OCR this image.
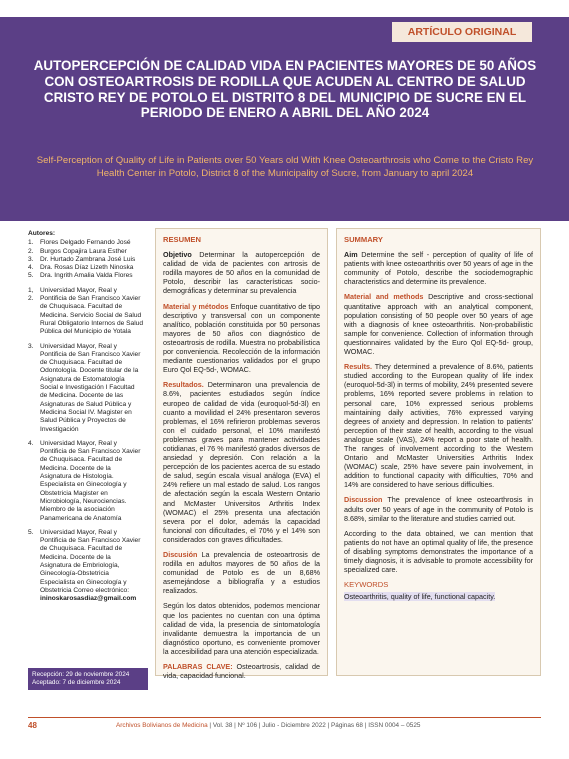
ARTÍCULO ORIGINAL
AUTOPERCEPCIÓN DE CALIDAD VIDA EN PACIENTES MAYORES DE 50 AÑOS CON OSTEOARTROSIS DE RODILLA QUE ACUDEN AL CENTRO DE SALUD CRISTO REY DE POTOLO EL DISTRITO 8 DEL MUNICIPIO DE SUCRE EN EL PERIODO DE ENERO A ABRIL DEL AÑO 2024
Self-Perception of Quality of Life in Patients over 50 Years old With Knee Osteoarthrosis who Come to the Cristo Rey Health Center in Potolo, District 8 of the Municipality of Sucre, from January to april 2024
Autores:
1. Flores Delgado Fernando José
2. Burgos Copajira Laura Esther
3. Dr. Hurtado Zambrana José Luis
4. Dra. Rosas Díaz Lizeth Ninoska
5. Dra. Ingrith Amalia Valda Flores
1, 2.
Universidad Mayor, Real y Pontificia de San Francisco Xavier de Chuquisaca. Facultad de Medicina. Servicio Social de Salud Rural Obligatorio Internos de Salud Pública del Municipio de Yotala
3. Universidad Mayor, Real y Pontificia de San Francisco Xavier de Chuquisaca. Facultad de Odontología. Docente titular de la Asignatura de Estomatología Social e Investigación I Facultad de Medicina. Docente de las Asignaturas de Salud Pública y Medicina Social IV. Magister en Salud Pública y Proyectos de Investigación
4. Universidad Mayor, Real y Pontificia de San Francisco Xavier de Chuquisaca. Facultad de Medicina. Docente de la Asignatura de Histología. Especialista en Ginecología y Obstetricia Magister en Microbiología, Neurociencias. Miembro de la asociación Panamericana de Anatomía
5. Universidad Mayor, Real y Pontificia de San Francisco Xavier de Chuquisaca. Facultad de Medicina. Docente de la Asignatura de Embriología, Ginecología-Obstetricia Especialista en Ginecología y Obstetricia Correo electrónico:
ininoskarosasdiaz@gmail.com
Recepción: 29 de noviembre 2024
Aceptado: 7 de diciembre 2024
RESUMEN
Objetivo Determinar la autopercepción de calidad de vida de pacientes con artrosis de rodilla mayores de 50 años en la comunidad de Potolo, describir las características socio-demográficas y determinar su prevalencia
Material y métodos Enfoque cuantitativo de tipo descriptivo y transversal con un componente analítico, población constituida por 50 personas mayores de 50 años con diagnóstico de osteoartrosis de rodilla. Muestra no probabilística por conveniencia. Recolección de la información mediante cuestionarios validados por el grupo Euro Qol EQ-5d-, WOMAC.
Resultados. Determinaron una prevalencia de 8.6%, pacientes estudiados según índice europeo de calidad de vida (euroquol-5d-3l) en cuanto a movilidad el 24% presentaron severos problemas, el 16% refirieron problemas severos con el cuidado personal, el 10% manifestó problemas graves para mantener actividades cotidianas, el 76 % manifestó grados diversos de ansiedad y depresión. Con relación a la percepción de los pacientes acerca de su estado de salud, según escala visual análoga (EVA) el 24% refiere un mal estado de salud. Los rangos de afectación según la escala Western Ontario and McMaster Universitos Arthritis Index (WOMAC) el 25% presenta una afectación severa por el dolor, además la capacidad funcional con dificultades, el 70% y el 14% son considerados con graves dificultades.
Discusión La prevalencia de osteoartrosis de rodilla en adultos mayores de 50 años de la comunidad de Potolo es de un 8,68% asemejándose a bibliografía y a estudios realizados.
Según los datos obtenidos, podemos mencionar que los pacientes no cuentan con una óptima calidad de vida, la presencia de sintomatología invalidante demuestra la importancia de un diagnóstico oportuno, es conveniente promover la accesibilidad para una atención especializada.
PALABRAS CLAVE: Osteoartrosis, calidad de vida, capacidad funcional.
SUMMARY
Aim Determine the self - perception of quality of life of patients with knee osteoarthritis over 50 years of age in the community of Potolo, describe the sociodemographic characteristics and determine its prevalence.
Material and methods Descriptive and cross-sectional quantitative approach with an analytical component, population consisting of 50 people over 50 years of age with a diagnosis of knee osteoarthritis. Non-probabilistic sample for convenience. Collection of information through questionnaires validated by the Euro Qol EQ-5d- group, WOMAC.
Results. They determined a prevalence of 8.6%, patients studied according to the European quality of life index (euroquol-5d-3l) in terms of mobility, 24% presented severe problems, 16% reported severe problems in relation to personal care, 10% expressed serious problems maintaining daily activities, 76% expressed varying degrees of anxiety and depression. In relation to patients' perception of their state of health, according to the visual analogue scale (VAS), 24% report a poor state of health. The ranges of involvement according to the Western Ontario and McMaster Universities Arthritis Index (WOMAC) scale, 25% have severe pain involvement, in addition to functional capacity with difficulties, 70% and 14% are considered to have serious difficulties.
Discussion The prevalence of knee osteoarthrosis in adults over 50 years of age in the community of Potolo is 8.68%, similar to the literature and studies carried out.
According to the data obtained, we can mention that patients do not have an optimal quality of life, the presence of disabling symptoms demonstrates the importance of a timely diagnosis, it is advisable to promote accessibility for specialized care.
KEYWORDS
Osteoarthritis, quality of life, functional capacity.
48	Archivos Bolivianos de Medicina | Vol. 38 | Nº 106 | Julio - Diciembre 2022 | Páginas 68 | ISSN 0004 – 0525
